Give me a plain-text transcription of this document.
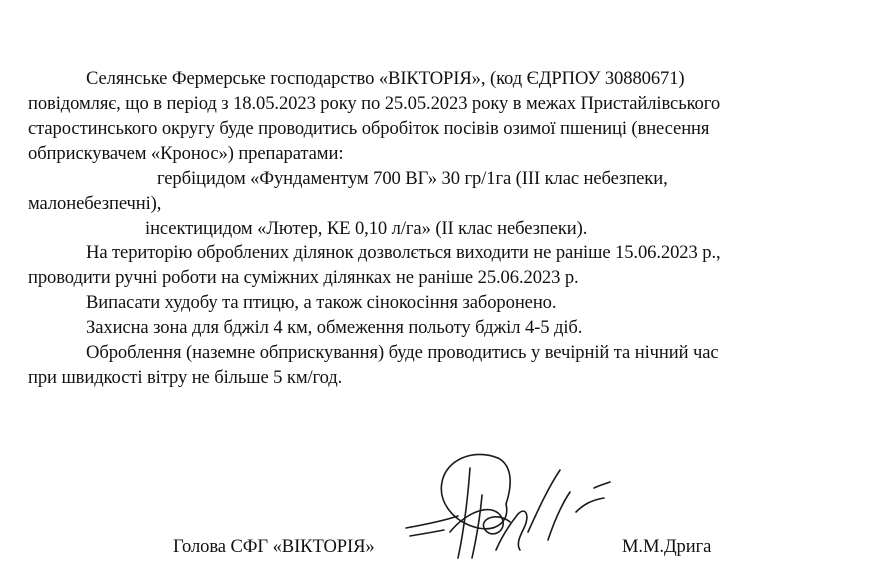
Селянське Фермерське господарство «ВІКТОРІЯ», (код ЄДРПОУ 30880671)
повідомляє, що в період з 18.05.2023 року по 25.05.2023 року в межах Пристайлівського
старостинського округу буде проводитись обробіток посівів озимої пшениці (внесення
обприскувачем «Кронос») препаратами:
гербіцидом «Фундаментум 700 ВГ» 30 гр/1га (III клас небезпеки,
малонебезпечні),
інсектицидом «Лютер, КЕ 0,10 л/га» (II клас небезпеки).
На територію оброблених ділянок дозволється виходити не раніше 15.06.2023 р.,
проводити ручні роботи на суміжних ділянках не раніше 25.06.2023 р.
Випасати худобу та птицю, а також сінокосіння заборонено.
Захисна зона для бджіл 4 км, обмеження польоту бджіл 4-5 діб.
Оброблення (наземне обприскування) буде проводитись у вечірній та нічний час
при швидкості вітру не більше 5 км/год.
Голова СФГ «ВІКТОРІЯ»	М.М.Дрига
